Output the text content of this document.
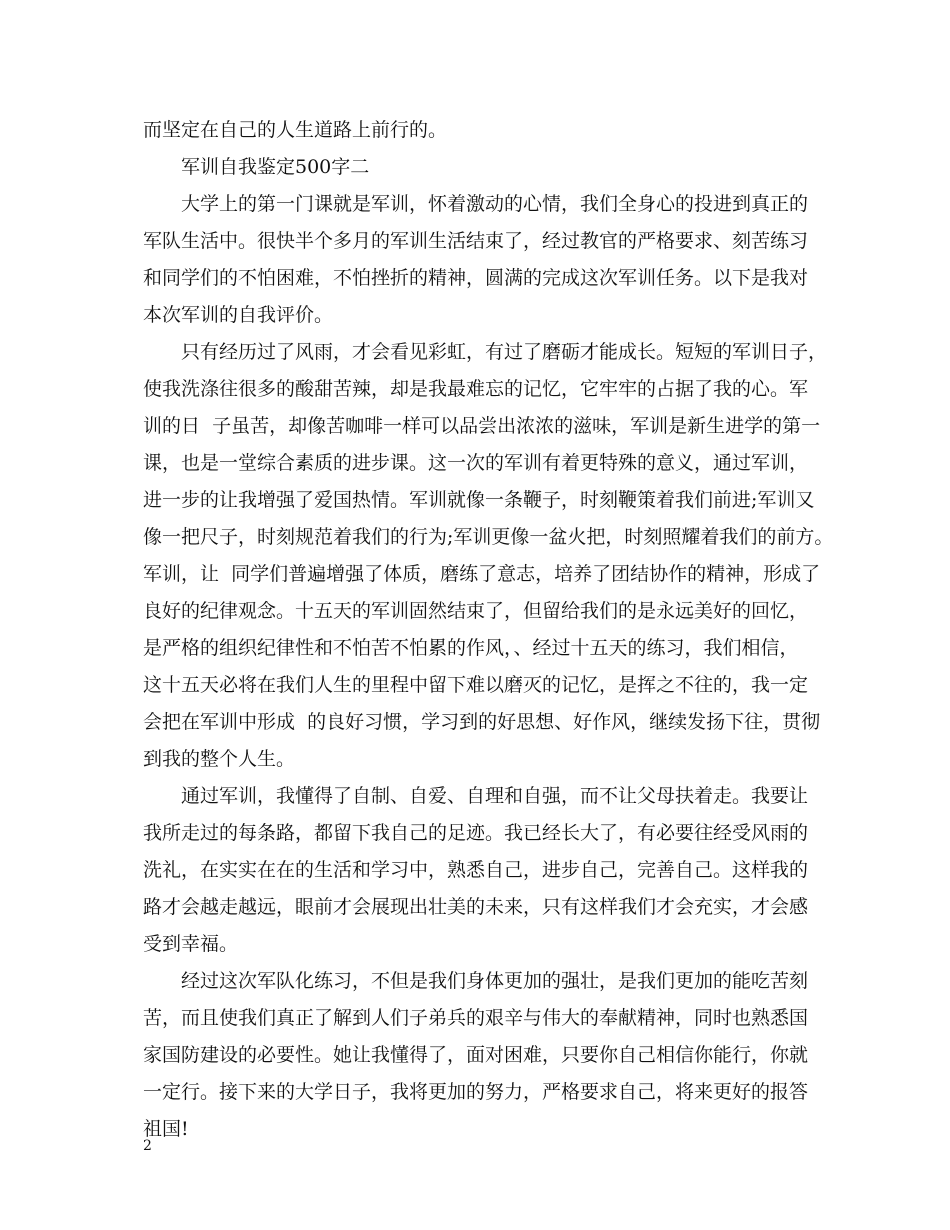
而坚定在自己的人生道路上前行的。
军训自我鉴定500字二
大学上的第一门课就是军训，怀着激动的心情，我们全身心的投进到真正的
军队生活中。很快半个多月的军训生活结束了，经过教官的严格要求、刻苦练习
和同学们的不怕困难，不怕挫折的精神，圆满的完成这次军训任务。以下是我对
本次军训的自我评价。
只有经历过了风雨，才会看见彩虹，有过了磨砺才能成长。短短的军训日子，
使我洗涤往很多的酸甜苦辣，却是我最难忘的记忆，它牢牢的占据了我的心。军
训的日  子虽苦，却像苦咖啡一样可以品尝出浓浓的滋味，军训是新生进学的第一
课，也是一堂综合素质的进步课。这一次的军训有着更特殊的意义，通过军训，
进一步的让我增强了爱国热情。军训就像一条鞭子，时刻鞭策着我们前进;军训又
像一把尺子，时刻规范着我们的行为;军训更像一盆火把，时刻照耀着我们的前方。
军训，让  同学们普遍增强了体质，磨练了意志，培养了团结协作的精神，形成了
良好的纪律观念。十五天的军训固然结束了，但留给我们的是永远美好的回忆，
是严格的组织纪律性和不怕苦不怕累的作风，、经过十五天的练习，我们相信，
这十五天必将在我们人生的里程中留下难以磨灭的记忆，是挥之不往的，我一定
会把在军训中形成  的良好习惯，学习到的好思想、好作风，继续发扬下往，贯彻
到我的整个人生。
通过军训，我懂得了自制、自爱、自理和自强，而不让父母扶着走。我要让
我所走过的每条路，都留下我自己的足迹。我已经长大了，有必要往经受风雨的
洗礼，在实实在在的生活和学习中，熟悉自己，进步自己，完善自己。这样我的
路才会越走越远，眼前才会展现出壮美的未来，只有这样我们才会充实，才会感
受到幸福。
经过这次军队化练习，不但是我们身体更加的强壮，是我们更加的能吃苦刻
苦，而且使我们真正了解到人们子弟兵的艰辛与伟大的奉献精神，同时也熟悉国
家国防建设的必要性。她让我懂得了，面对困难，只要你自己相信你能行，你就
一定行。接下来的大学日子，我将更加的努力，严格要求自己，将来更好的报答
祖国!
2
